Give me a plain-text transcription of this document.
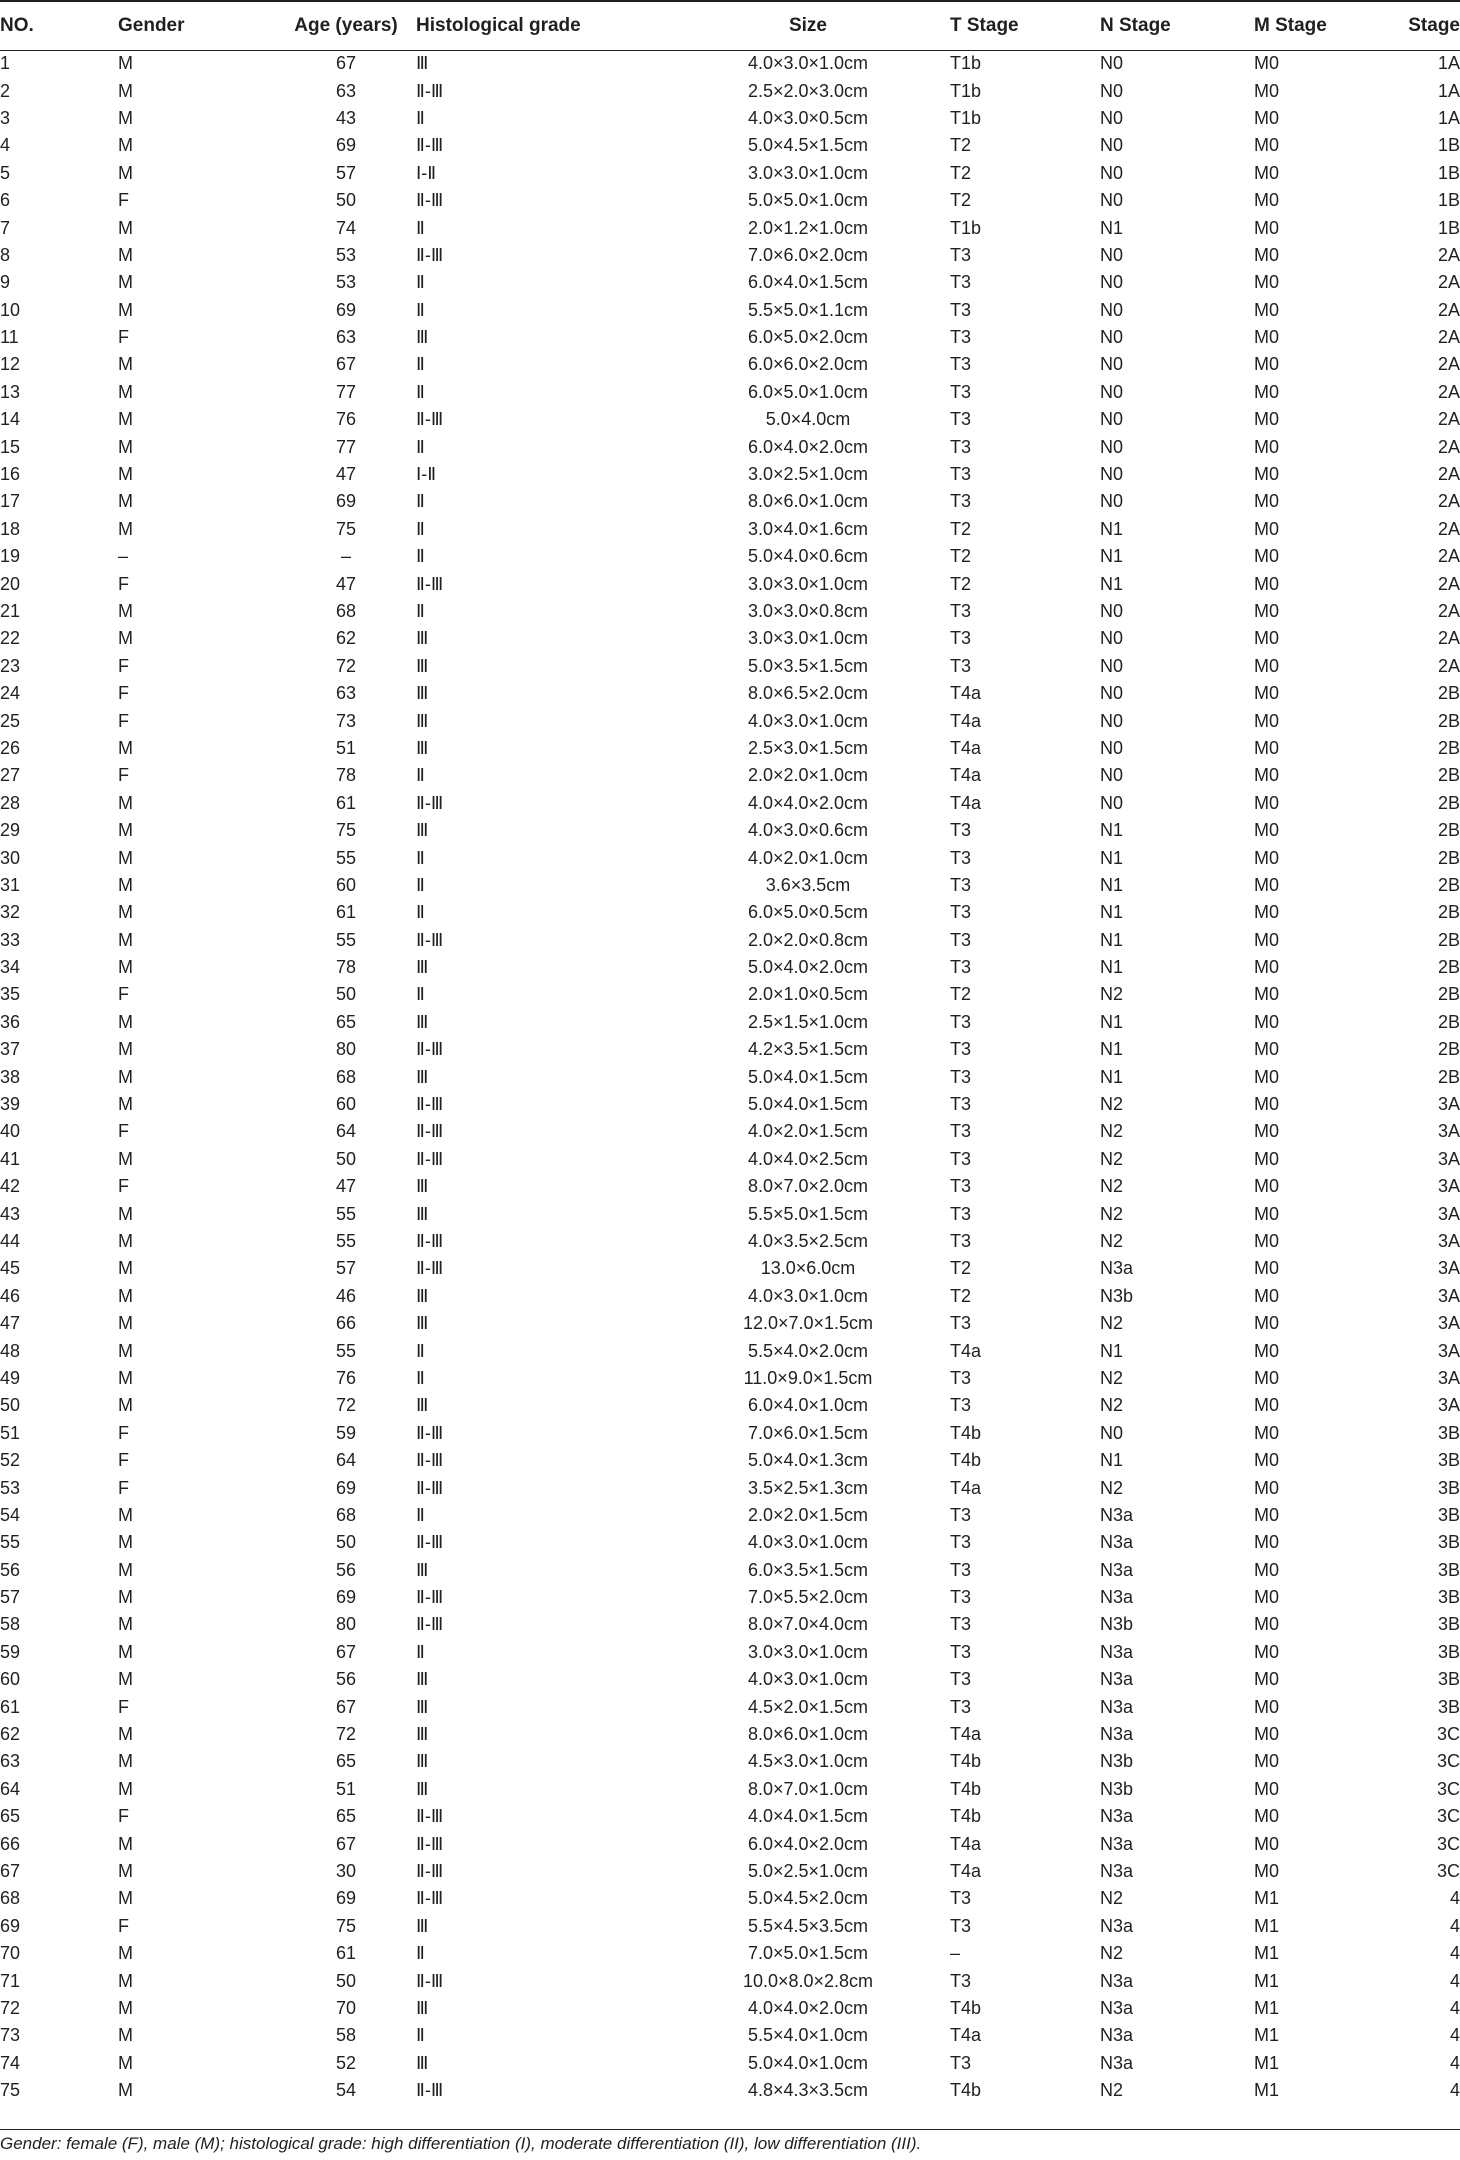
NO.	Gender	Age (years)	Histological grade	Size	T Stage	N Stage	M Stage	Stage
1	M	67	Ⅲ	4.0×3.0×1.0cm	T1b	N0	M0	1A
2	M	63	Ⅱ-Ⅲ	2.5×2.0×3.0cm	T1b	N0	M0	1A
3	M	43	Ⅱ	4.0×3.0×0.5cm	T1b	N0	M0	1A
4	M	69	Ⅱ-Ⅲ	5.0×4.5×1.5cm	T2	N0	M0	1B
5	M	57	Ⅰ-Ⅱ	3.0×3.0×1.0cm	T2	N0	M0	1B
6	F	50	Ⅱ-Ⅲ	5.0×5.0×1.0cm	T2	N0	M0	1B
7	M	74	Ⅱ	2.0×1.2×1.0cm	T1b	N1	M0	1B
8	M	53	Ⅱ-Ⅲ	7.0×6.0×2.0cm	T3	N0	M0	2A
9	M	53	Ⅱ	6.0×4.0×1.5cm	T3	N0	M0	2A
10	M	69	Ⅱ	5.5×5.0×1.1cm	T3	N0	M0	2A
11	F	63	Ⅲ	6.0×5.0×2.0cm	T3	N0	M0	2A
12	M	67	Ⅱ	6.0×6.0×2.0cm	T3	N0	M0	2A
13	M	77	Ⅱ	6.0×5.0×1.0cm	T3	N0	M0	2A
14	M	76	Ⅱ-Ⅲ	5.0×4.0cm	T3	N0	M0	2A
15	M	77	Ⅱ	6.0×4.0×2.0cm	T3	N0	M0	2A
16	M	47	Ⅰ-Ⅱ	3.0×2.5×1.0cm	T3	N0	M0	2A
17	M	69	Ⅱ	8.0×6.0×1.0cm	T3	N0	M0	2A
18	M	75	Ⅱ	3.0×4.0×1.6cm	T2	N1	M0	2A
19	–	–	Ⅱ	5.0×4.0×0.6cm	T2	N1	M0	2A
20	F	47	Ⅱ-Ⅲ	3.0×3.0×1.0cm	T2	N1	M0	2A
21	M	68	Ⅱ	3.0×3.0×0.8cm	T3	N0	M0	2A
22	M	62	Ⅲ	3.0×3.0×1.0cm	T3	N0	M0	2A
23	F	72	Ⅲ	5.0×3.5×1.5cm	T3	N0	M0	2A
24	F	63	Ⅲ	8.0×6.5×2.0cm	T4a	N0	M0	2B
25	F	73	Ⅲ	4.0×3.0×1.0cm	T4a	N0	M0	2B
26	M	51	Ⅲ	2.5×3.0×1.5cm	T4a	N0	M0	2B
27	F	78	Ⅱ	2.0×2.0×1.0cm	T4a	N0	M0	2B
28	M	61	Ⅱ-Ⅲ	4.0×4.0×2.0cm	T4a	N0	M0	2B
29	M	75	Ⅲ	4.0×3.0×0.6cm	T3	N1	M0	2B
30	M	55	Ⅱ	4.0×2.0×1.0cm	T3	N1	M0	2B
31	M	60	Ⅱ	3.6×3.5cm	T3	N1	M0	2B
32	M	61	Ⅱ	6.0×5.0×0.5cm	T3	N1	M0	2B
33	M	55	Ⅱ-Ⅲ	2.0×2.0×0.8cm	T3	N1	M0	2B
34	M	78	Ⅲ	5.0×4.0×2.0cm	T3	N1	M0	2B
35	F	50	Ⅱ	2.0×1.0×0.5cm	T2	N2	M0	2B
36	M	65	Ⅲ	2.5×1.5×1.0cm	T3	N1	M0	2B
37	M	80	Ⅱ-Ⅲ	4.2×3.5×1.5cm	T3	N1	M0	2B
38	M	68	Ⅲ	5.0×4.0×1.5cm	T3	N1	M0	2B
39	M	60	Ⅱ-Ⅲ	5.0×4.0×1.5cm	T3	N2	M0	3A
40	F	64	Ⅱ-Ⅲ	4.0×2.0×1.5cm	T3	N2	M0	3A
41	M	50	Ⅱ-Ⅲ	4.0×4.0×2.5cm	T3	N2	M0	3A
42	F	47	Ⅲ	8.0×7.0×2.0cm	T3	N2	M0	3A
43	M	55	Ⅲ	5.5×5.0×1.5cm	T3	N2	M0	3A
44	M	55	Ⅱ-Ⅲ	4.0×3.5×2.5cm	T3	N2	M0	3A
45	M	57	Ⅱ-Ⅲ	13.0×6.0cm	T2	N3a	M0	3A
46	M	46	Ⅲ	4.0×3.0×1.0cm	T2	N3b	M0	3A
47	M	66	Ⅲ	12.0×7.0×1.5cm	T3	N2	M0	3A
48	M	55	Ⅱ	5.5×4.0×2.0cm	T4a	N1	M0	3A
49	M	76	Ⅱ	11.0×9.0×1.5cm	T3	N2	M0	3A
50	M	72	Ⅲ	6.0×4.0×1.0cm	T3	N2	M0	3A
51	F	59	Ⅱ-Ⅲ	7.0×6.0×1.5cm	T4b	N0	M0	3B
52	F	64	Ⅱ-Ⅲ	5.0×4.0×1.3cm	T4b	N1	M0	3B
53	F	69	Ⅱ-Ⅲ	3.5×2.5×1.3cm	T4a	N2	M0	3B
54	M	68	Ⅱ	2.0×2.0×1.5cm	T3	N3a	M0	3B
55	M	50	Ⅱ-Ⅲ	4.0×3.0×1.0cm	T3	N3a	M0	3B
56	M	56	Ⅲ	6.0×3.5×1.5cm	T3	N3a	M0	3B
57	M	69	Ⅱ-Ⅲ	7.0×5.5×2.0cm	T3	N3a	M0	3B
58	M	80	Ⅱ-Ⅲ	8.0×7.0×4.0cm	T3	N3b	M0	3B
59	M	67	Ⅱ	3.0×3.0×1.0cm	T3	N3a	M0	3B
60	M	56	Ⅲ	4.0×3.0×1.0cm	T3	N3a	M0	3B
61	F	67	Ⅲ	4.5×2.0×1.5cm	T3	N3a	M0	3B
62	M	72	Ⅲ	8.0×6.0×1.0cm	T4a	N3a	M0	3C
63	M	65	Ⅲ	4.5×3.0×1.0cm	T4b	N3b	M0	3C
64	M	51	Ⅲ	8.0×7.0×1.0cm	T4b	N3b	M0	3C
65	F	65	Ⅱ-Ⅲ	4.0×4.0×1.5cm	T4b	N3a	M0	3C
66	M	67	Ⅱ-Ⅲ	6.0×4.0×2.0cm	T4a	N3a	M0	3C
67	M	30	Ⅱ-Ⅲ	5.0×2.5×1.0cm	T4a	N3a	M0	3C
68	M	69	Ⅱ-Ⅲ	5.0×4.5×2.0cm	T3	N2	M1	4
69	F	75	Ⅲ	5.5×4.5×3.5cm	T3	N3a	M1	4
70	M	61	Ⅱ	7.0×5.0×1.5cm	–	N2	M1	4
71	M	50	Ⅱ-Ⅲ	10.0×8.0×2.8cm	T3	N3a	M1	4
72	M	70	Ⅲ	4.0×4.0×2.0cm	T4b	N3a	M1	4
73	M	58	Ⅱ	5.5×4.0×1.0cm	T4a	N3a	M1	4
74	M	52	Ⅲ	5.0×4.0×1.0cm	T3	N3a	M1	4
75	M	54	Ⅱ-Ⅲ	4.8×4.3×3.5cm	T4b	N2	M1	4
Gender: female (F), male (M); histological grade: high differentiation (I), moderate differentiation (II), low differentiation (III).
